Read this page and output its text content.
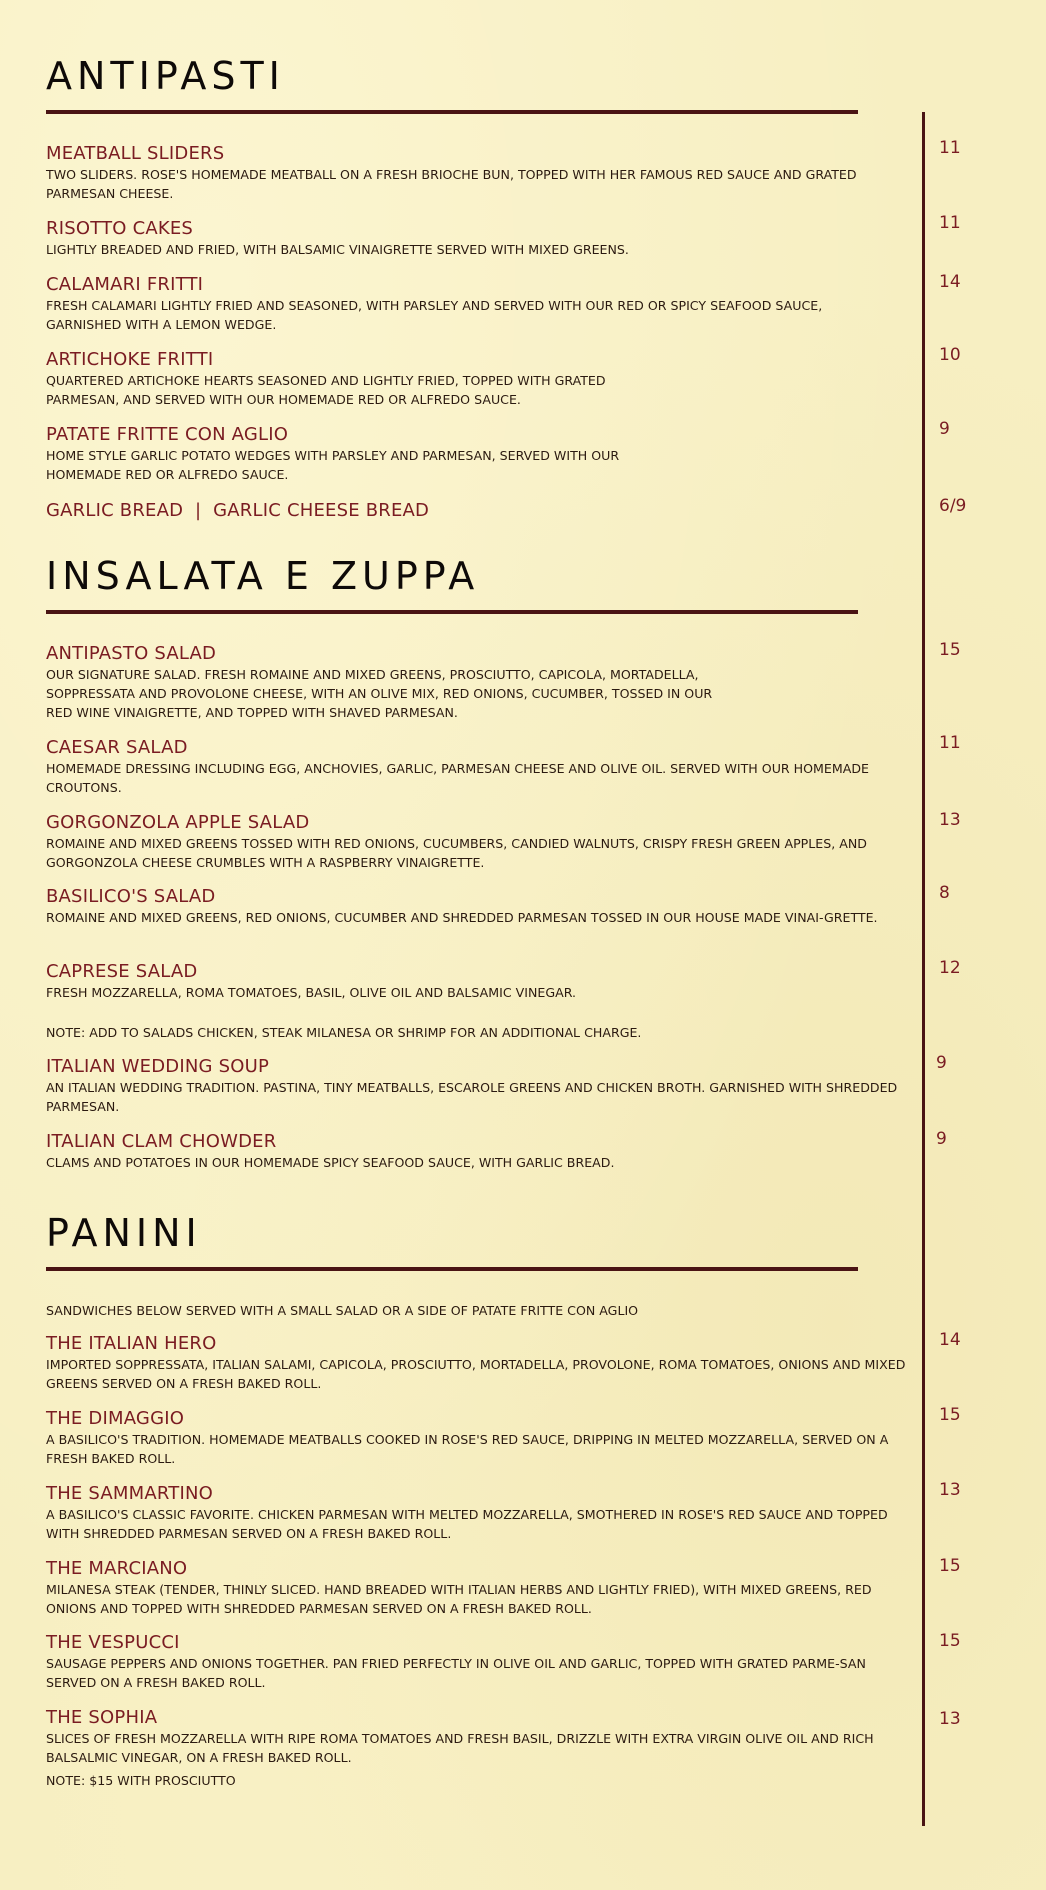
ANTIPASTI
MEATBALL SLIDERS
TWO SLIDERS. ROSE'S HOMEMADE MEATBALL ON A FRESH BRIOCHE BUN, TOPPED WITH HER FAMOUS RED SAUCE AND GRATED PARMESAN CHEESE.
11
RISOTTO CAKES
LIGHTLY BREADED AND FRIED, WITH BALSAMIC VINAIGRETTE SERVED WITH MIXED GREENS.
11
CALAMARI FRITTI
FRESH CALAMARI LIGHTLY FRIED AND SEASONED, WITH PARSLEY AND SERVED WITH OUR RED OR SPICY SEAFOOD SAUCE, GARNISHED WITH A LEMON WEDGE.
14
ARTICHOKE FRITTI
QUARTERED ARTICHOKE HEARTS SEASONED AND LIGHTLY FRIED, TOPPED WITH GRATED PARMESAN, AND SERVED WITH OUR HOMEMADE RED OR ALFREDO SAUCE.
10
PATATE FRITTE CON AGLIO
HOME STYLE GARLIC POTATO WEDGES WITH PARSLEY AND PARMESAN, SERVED WITH OUR HOMEMADE RED OR ALFREDO SAUCE.
9
GARLIC BREAD  |  GARLIC CHEESE BREAD	6/9
INSALATA E ZUPPA
ANTIPASTO SALAD
OUR SIGNATURE SALAD. FRESH ROMAINE AND MIXED GREENS, PROSCIUTTO, CAPICOLA, MORTADELLA, SOPPRESSATA AND PROVOLONE CHEESE, WITH AN OLIVE MIX, RED ONIONS, CUCUMBER, TOSSED IN OUR RED WINE VINAIGRETTE, AND TOPPED WITH SHAVED PARMESAN.
15
CAESAR SALAD
HOMEMADE DRESSING INCLUDING EGG, ANCHOVIES, GARLIC, PARMESAN CHEESE AND OLIVE OIL. SERVED WITH OUR HOMEMADE CROUTONS.
11
GORGONZOLA APPLE SALAD
ROMAINE AND MIXED GREENS TOSSED WITH RED ONIONS, CUCUMBERS, CANDIED WALNUTS, CRISPY FRESH GREEN APPLES, AND GORGONZOLA CHEESE CRUMBLES WITH A RASPBERRY VINAIGRETTE.
13
BASILICO'S SALAD
ROMAINE AND MIXED GREENS, RED ONIONS, CUCUMBER AND SHREDDED PARMESAN TOSSED IN OUR HOUSE MADE VINAI-GRETTE.
8
CAPRESE SALAD
FRESH MOZZARELLA, ROMA TOMATOES, BASIL, OLIVE OIL AND BALSAMIC VINEGAR.
12
NOTE: ADD TO SALADS CHICKEN, STEAK MILANESA OR SHRIMP FOR AN ADDITIONAL CHARGE.
ITALIAN WEDDING SOUP
AN ITALIAN WEDDING TRADITION. PASTINA, TINY MEATBALLS, ESCAROLE GREENS AND CHICKEN BROTH. GARNISHED WITH SHREDDED PARMESAN.
9
ITALIAN CLAM CHOWDER
CLAMS AND POTATOES IN OUR HOMEMADE SPICY SEAFOOD SAUCE, WITH GARLIC BREAD.
9
PANINI
SANDWICHES BELOW SERVED WITH A SMALL SALAD OR A SIDE OF PATATE FRITTE CON AGLIO
THE ITALIAN HERO
IMPORTED SOPPRESSATA, ITALIAN SALAMI, CAPICOLA, PROSCIUTTO, MORTADELLA, PROVOLONE, ROMA TOMATOES, ONIONS AND MIXED GREENS SERVED ON A FRESH BAKED ROLL.
14
THE DIMAGGIO
A BASILICO'S TRADITION. HOMEMADE MEATBALLS COOKED IN ROSE'S RED SAUCE, DRIPPING IN MELTED MOZZARELLA, SERVED ON A FRESH BAKED ROLL.
15
THE SAMMARTINO
A BASILICO'S CLASSIC FAVORITE. CHICKEN PARMESAN WITH MELTED MOZZARELLA, SMOTHERED IN ROSE'S RED SAUCE AND TOPPED WITH SHREDDED PARMESAN SERVED ON A FRESH BAKED ROLL.
13
THE MARCIANO
MILANESA STEAK (TENDER, THINLY SLICED. HAND BREADED WITH ITALIAN HERBS AND LIGHTLY FRIED), WITH MIXED GREENS, RED ONIONS AND TOPPED WITH SHREDDED PARMESAN SERVED ON A FRESH BAKED ROLL.
15
THE VESPUCCI
SAUSAGE PEPPERS AND ONIONS TOGETHER. PAN FRIED PERFECTLY IN OLIVE OIL AND GARLIC, TOPPED WITH GRATED PARME-SAN SERVED ON A FRESH BAKED ROLL.
15
THE SOPHIA
SLICES OF FRESH MOZZARELLA WITH RIPE ROMA TOMATOES AND FRESH BASIL, DRIZZLE WITH EXTRA VIRGIN OLIVE OIL AND RICH BALSALMIC VINEGAR, ON A FRESH BAKED ROLL.
13
NOTE: $15 WITH PROSCIUTTO
